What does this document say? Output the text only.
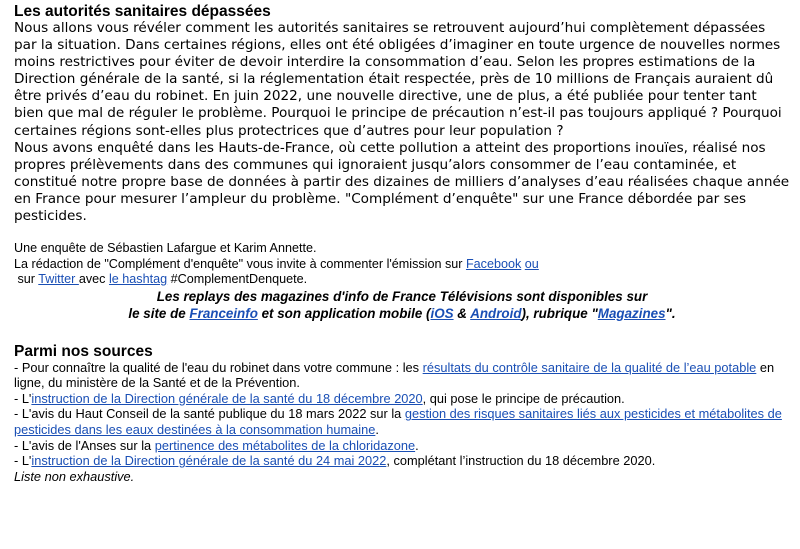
Les autorités sanitaires dépassées

Nous allons vous révéler comment les autorités sanitaires se retrouvent aujourd’hui complètement dépassées par la situation. Dans certaines régions, elles ont été obligées d’imaginer en toute urgence de nouvelles normes moins restrictives pour éviter de devoir interdire la consommation d’eau. Selon les propres estimations de la Direction générale de la santé, si la réglementation était respectée, près de 10 millions de Français auraient dû être privés d’eau du robinet. En juin 2022, une nouvelle directive, une de plus, a été publiée pour tenter tant bien que mal de réguler le problème. Pourquoi le principe de précaution n’est-il pas toujours appliqué ? Pourquoi certaines régions sont-elles plus protectrices que d’autres pour leur population ?

Nous avons enquêté dans les Hauts-de-France, où cette pollution a atteint des proportions inouïes, réalisé nos propres prélèvements dans des communes qui ignoraient jusqu’alors consommer de l’eau contaminée, et constitué notre propre base de données à partir des dizaines de milliers d’analyses d’eau réalisées chaque année en France pour mesurer l’ampleur du problème. "Complément d’enquête" sur une France débordée par ses pesticides.

Une enquête de Sébastien Lafargue et Karim Annette.
La rédaction de "Complément d'enquête" vous invite à commenter l'émission sur Facebook ou
sur Twitter avec le hashtag #ComplementDenquete.
Les replays des magazines d'info de France Télévisions sont disponibles sur
le site de Franceinfo et son application mobile (iOS & Android), rubrique "Magazines".
Parmi nos sources
- Pour connaître la qualité de l'eau du robinet dans votre commune : les résultats du contrôle sanitaire de la qualité de l’eau potable en ligne, du ministère de la Santé et de la Prévention.
- L'instruction de la Direction générale de la santé du 18 décembre 2020, qui pose le principe de précaution.
- L'avis du Haut Conseil de la santé publique du 18 mars 2022 sur la gestion des risques sanitaires liés aux pesticides et métabolites de pesticides dans les eaux destinées à la consommation humaine.
- L'avis de l'Anses sur la pertinence des métabolites de la chloridazone.
- L'instruction de la Direction générale de la santé du 24 mai 2022, complétant l’instruction du 18 décembre 2020.
Liste non exhaustive.
